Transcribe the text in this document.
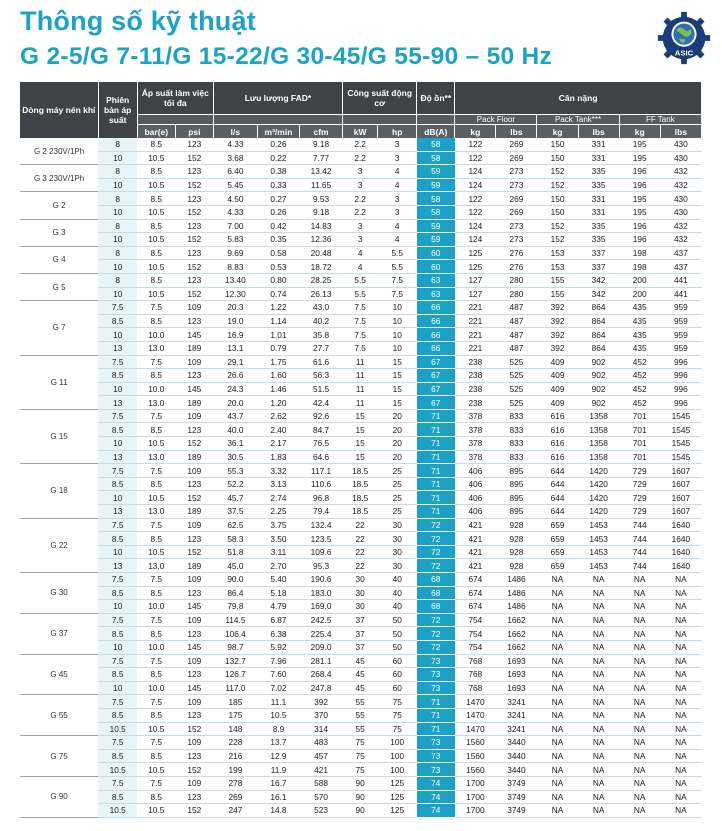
Thông số kỹ thuật
G 2-5/G 7-11/G 15-22/G 30-45/G 55-90 – 50 Hz	ASIC
Dòng máy nén khí	Phiên bản áp suất	Áp suất làm việc tối đa		Lưu lượng FAD*			Công suất động cơ		Độ ồn**	Cân nặng					
										Pack Floor		Pack Tank***		FF Tank	
		bar(e)	psi	l/s	m³/min	cfm	kW	hp	dB(A)	kg	lbs	kg	lbs	kg	lbs
G 2 230V/1Ph	8	8.5	123	4.33	0.26	9.18	2.2	3	58	122	269	150	331	195	430
	10	10.5	152	3.68	0.22	7.77	2.2	3	58	122	269	150	331	195	430
G 3 230V/1Ph	8	8.5	123	6.40	0.38	13.42	3	4	59	124	273	152	335	196	432
	10	10.5	152	5.45	0.33	11.65	3	4	59	124	273	152	335	196	432
G 2	8	8.5	123	4.50	0.27	9.53	2.2	3	58	122	269	150	331	195	430
	10	10.5	152	4.33	0.26	9.18	2.2	3	58	122	269	150	331	195	430
G 3	8	8.5	123	7.00	0.42	14.83	3	4	59	124	273	152	335	196	432
	10	10.5	152	5.83	0.35	12.36	3	4	59	124	273	152	335	196	432
G 4	8	8.5	123	9.69	0.58	20.48	4	5.5	60	125	276	153	337	198	437
	10	10.5	152	8.83	0.53	18.72	4	5.5	60	125	276	153	337	198	437
G 5	8	8.5	123	13.40	0.80	28.25	5.5	7.5	63	127	280	155	342	200	441
	10	10.5	152	12.30	0.74	26.13	5.5	7.5	63	127	280	155	342	200	441
G 7	7.5	7.5	109	20.3	1.22	43.0	7.5	10	66	221	487	392	864	435	959
	8.5	8.5	123	19.0	1.14	40.2	7.5	10	66	221	487	392	864	435	959
	10	10.0	145	16.9	1.01	35.8	7.5	10	66	221	487	392	864	435	959
	13	13.0	189	13.1	0.79	27.7	7.5	10	66	221	487	392	864	435	959
G 11	7.5	7.5	109	29.1	1.75	61.6	11	15	67	238	525	409	902	452	996
	8.5	8.5	123	26.6	1.60	56.3	11	15	67	238	525	409	902	452	996
	10	10.0	145	24.3	1.46	51.5	11	15	67	238	525	409	902	452	996
	13	13.0	189	20.0	1.20	42.4	11	15	67	238	525	409	902	452	996
G 15	7.5	7.5	109	43.7	2.62	92.6	15	20	71	378	833	616	1358	701	1545
	8.5	8.5	123	40.0	2.40	84.7	15	20	71	378	833	616	1358	701	1545
	10	10.5	152	36.1	2.17	76.5	15	20	71	378	833	616	1358	701	1545
	13	13.0	189	30.5	1.83	64.6	15	20	71	378	833	616	1358	701	1545
G 18	7.5	7.5	109	55.3	3.32	117.1	18.5	25	71	406	895	644	1420	729	1607
	8.5	8.5	123	52.2	3.13	110.6	18.5	25	71	406	895	644	1420	729	1607
	10	10.5	152	45.7	2.74	96.8	18.5	25	71	406	895	644	1420	729	1607
	13	13.0	189	37.5	2.25	79.4	18.5	25	71	406	895	644	1420	729	1607
G 22	7.5	7.5	109	62.5	3.75	132.4	22	30	72	421	928	659	1453	744	1640
	8.5	8.5	123	58.3	3.50	123.5	22	30	72	421	928	659	1453	744	1640
	10	10.5	152	51.8	3.11	109.6	22	30	72	421	928	659	1453	744	1640
	13	13.0	189	45.0	2.70	95.3	22	30	72	421	928	659	1453	744	1640
G 30	7.5	7.5	109	90.0	5.40	190.6	30	40	68	674	1486	NA	NA	NA	NA
	8.5	8.5	123	86.4	5.18	183.0	30	40	68	674	1486	NA	NA	NA	NA
	10	10.0	145	79.8	4.79	169.0	30	40	68	674	1486	NA	NA	NA	NA
G 37	7.5	7.5	109	114.5	6.87	242.5	37	50	72	754	1662	NA	NA	NA	NA
	8.5	8.5	123	106.4	6.38	225.4	37	50	72	754	1662	NA	NA	NA	NA
	10	10.0	145	98.7	5.92	209.0	37	50	72	754	1662	NA	NA	NA	NA
G 45	7.5	7.5	109	132.7	7.96	281.1	45	60	73	768	1693	NA	NA	NA	NA
	8.5	8.5	123	126.7	7.60	268.4	45	60	73	768	1693	NA	NA	NA	NA
	10	10.0	145	117.0	7.02	247.8	45	60	73	768	1693	NA	NA	NA	NA
G 55	7.5	7.5	109	185	11.1	392	55	75	71	1470	3241	NA	NA	NA	NA
	8.5	8.5	123	175	10.5	370	55	75	71	1470	3241	NA	NA	NA	NA
	10.5	10.5	152	148	8.9	314	55	75	71	1470	3241	NA	NA	NA	NA
G 75	7.5	7.5	109	228	13.7	483	75	100	73	1560	3440	NA	NA	NA	NA
	8.5	8.5	123	216	12.9	457	75	100	73	1560	3440	NA	NA	NA	NA
	10.5	10.5	152	199	11.9	421	75	100	73	1560	3440	NA	NA	NA	NA
G 90	7.5	7.5	109	278	16.7	588	90	125	74	1700	3749	NA	NA	NA	NA
	8.5	8.5	123	269	16.1	570	90	125	74	1700	3749	NA	NA	NA	NA
	10.5	10.5	152	247	14.8	523	90	125	74	1700	3749	NA	NA	NA	NA
